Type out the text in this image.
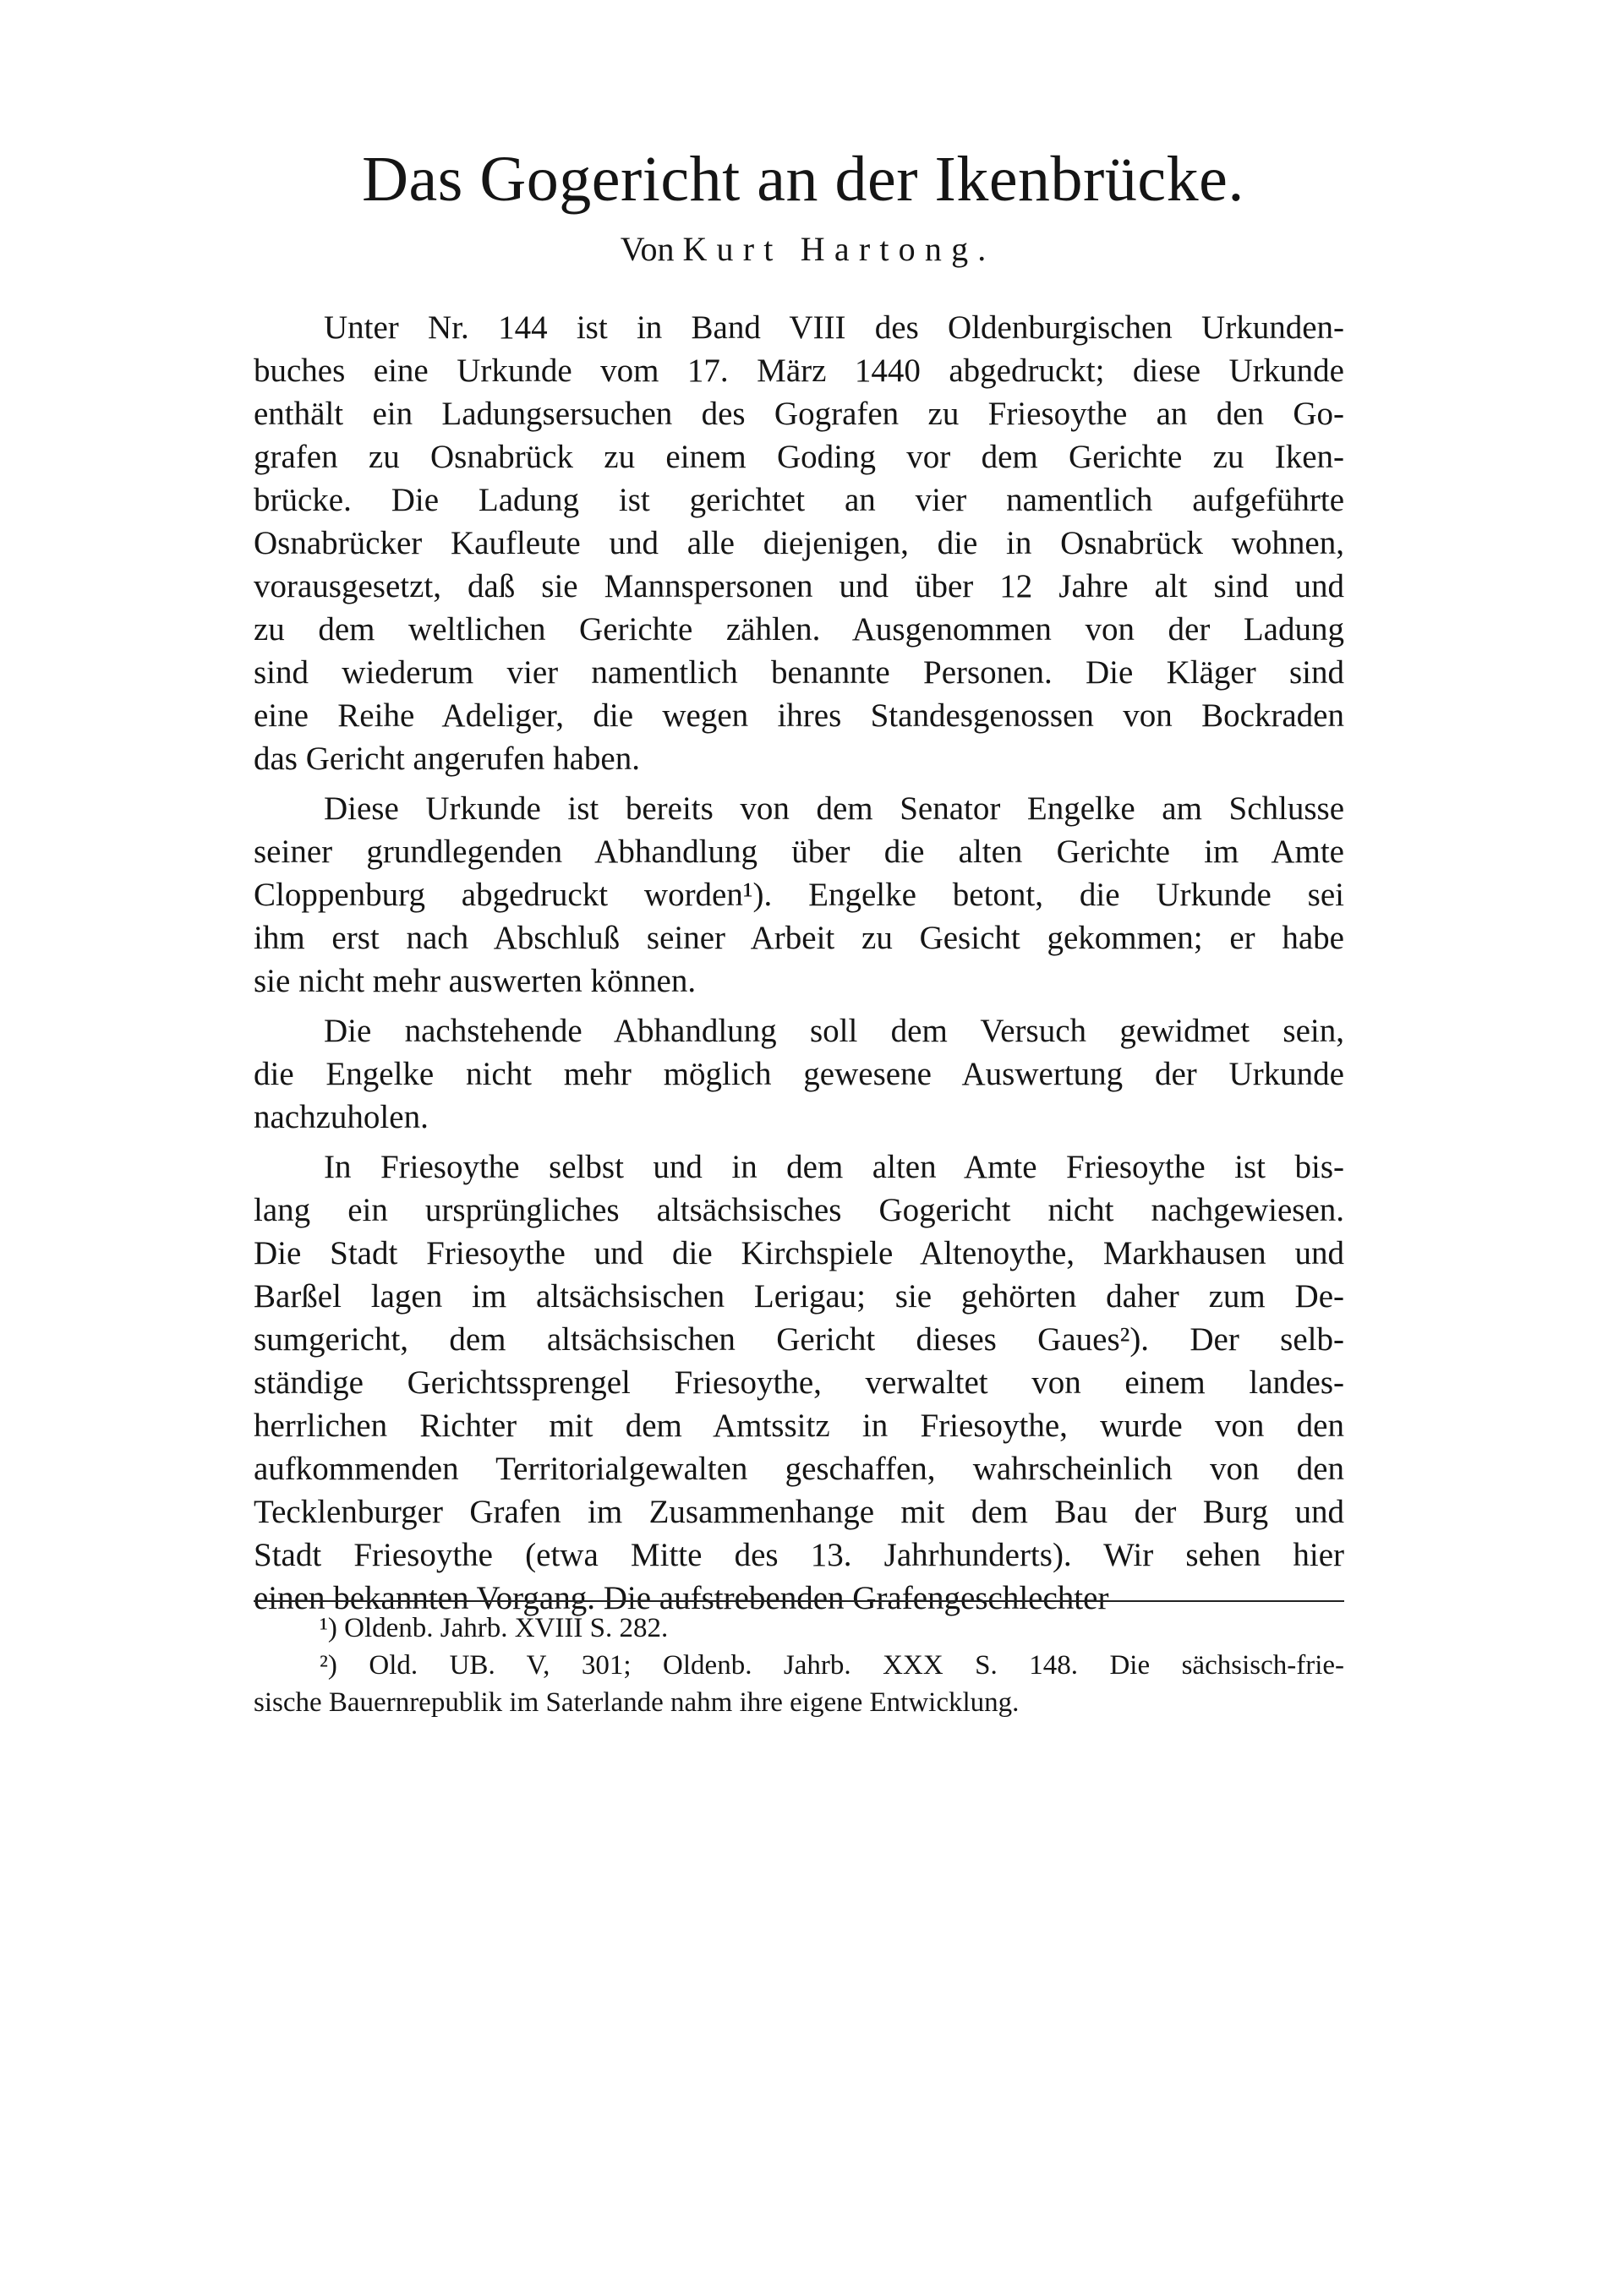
Das Gogericht an der Ikenbrücke.

Von Kurt Hartong.

Unter Nr. 144 ist in Band VIII des Oldenburgischen Urkunden-
buches eine Urkunde vom 17. März 1440 abgedruckt; diese Urkunde
enthält ein Ladungsersuchen des Gografen zu Friesoythe an den Go-
grafen zu Osnabrück zu einem Goding vor dem Gerichte zu Iken-
brücke. Die Ladung ist gerichtet an vier namentlich aufgeführte
Osnabrücker Kaufleute und alle diejenigen, die in Osnabrück wohnen,
vorausgesetzt, daß sie Mannspersonen und über 12 Jahre alt sind und
zu dem weltlichen Gerichte zählen. Ausgenommen von der Ladung
sind wiederum vier namentlich benannte Personen. Die Kläger sind
eine Reihe Adeliger, die wegen ihres Standesgenossen von Bockraden
das Gericht angerufen haben.

Diese Urkunde ist bereits von dem Senator Engelke am Schlusse
seiner grundlegenden Abhandlung über die alten Gerichte im Amte
Cloppenburg abgedruckt worden¹). Engelke betont, die Urkunde sei
ihm erst nach Abschluß seiner Arbeit zu Gesicht gekommen; er habe
sie nicht mehr auswerten können.

Die nachstehende Abhandlung soll dem Versuch gewidmet sein,
die Engelke nicht mehr möglich gewesene Auswertung der Urkunde
nachzuholen.

In Friesoythe selbst und in dem alten Amte Friesoythe ist bis-
lang ein ursprüngliches altsächsisches Gogericht nicht nachgewiesen.
Die Stadt Friesoythe und die Kirchspiele Altenoythe, Markhausen und
Barßel lagen im altsächsischen Lerigau; sie gehörten daher zum De-
sumgericht, dem altsächsischen Gericht dieses Gaues²). Der selb-
ständige Gerichtssprengel Friesoythe, verwaltet von einem landes-
herrlichen Richter mit dem Amtssitz in Friesoythe, wurde von den
aufkommenden Territorialgewalten geschaffen, wahrscheinlich von den
Tecklenburger Grafen im Zusammenhange mit dem Bau der Burg und
Stadt Friesoythe (etwa Mitte des 13. Jahrhunderts). Wir sehen hier
einen bekannten Vorgang. Die aufstrebenden Grafengeschlechter

¹) Oldenb. Jahrb. XVIII S. 282.

²) Old. UB. V, 301; Oldenb. Jahrb. XXX S. 148. Die sächsisch-frie-
sische Bauernrepublik im Saterlande nahm ihre eigene Entwicklung.
